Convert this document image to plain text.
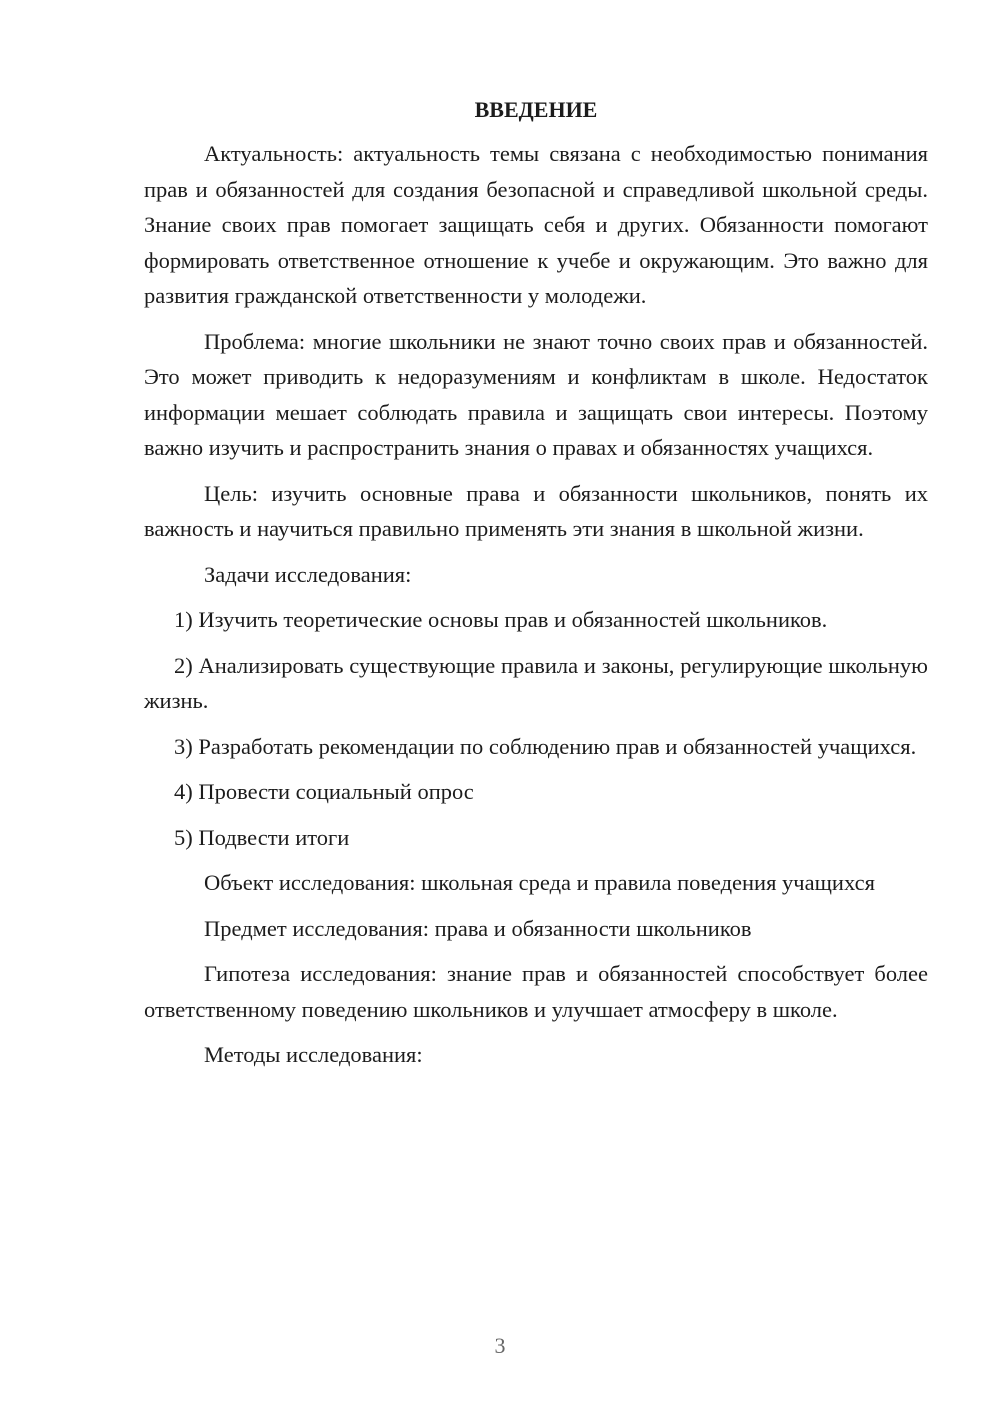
ВВЕДЕНИЕ

Актуальность: актуальность темы связана с необходимостью понимания прав и обязанностей для создания безопасной и справедливой школьной среды. Знание своих прав помогает защищать себя и других. Обязанности помогают формировать ответственное отношение к учебе и окружающим. Это важно для развития гражданской ответственности у молодежи.

Проблема: многие школьники не знают точно своих прав и обязанностей. Это может приводить к недоразумениям и конфликтам в школе. Недостаток информации мешает соблюдать правила и защищать свои интересы. Поэтому важно изучить и распространить знания о правах и обязанностях учащихся.

Цель: изучить основные права и обязанности школьников, понять их важность и научиться правильно применять эти знания в школьной жизни.

Задачи исследования:

1) Изучить теоретические основы прав и обязанностей школьников.

2) Анализировать существующие правила и законы, регулирующие школьную жизнь.

3) Разработать рекомендации по соблюдению прав и обязанностей учащихся.

4) Провести социальный опрос

5) Подвести итоги

Объект исследования: школьная среда и правила поведения учащихся

Предмет исследования: права и обязанности школьников

Гипотеза исследования: знание прав и обязанностей способствует более ответственному поведению школьников и улучшает атмосферу в школе.

Методы исследования:

3
